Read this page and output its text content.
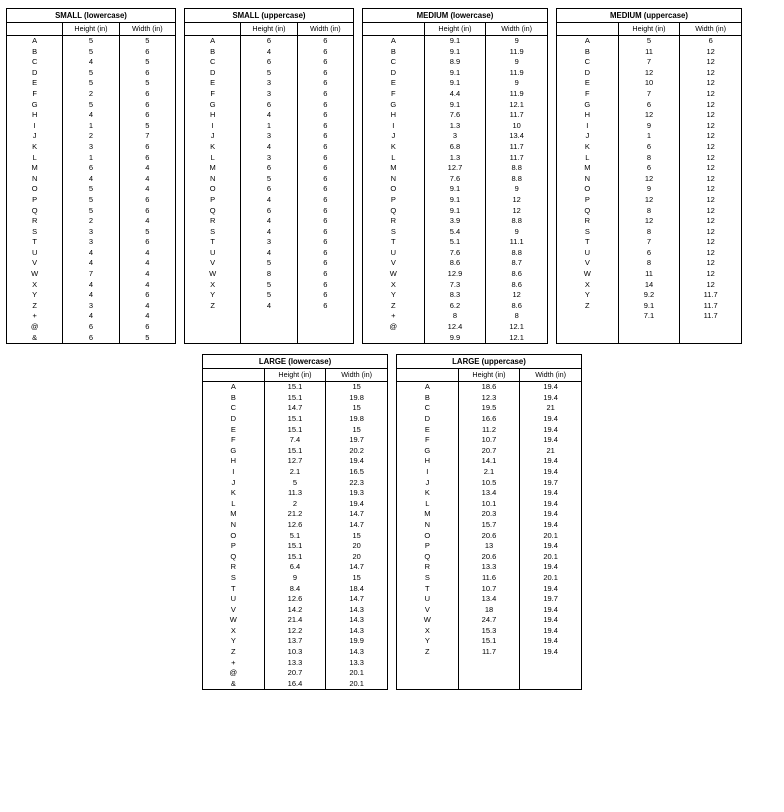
SMALL (lowercase)		
	Height (in)	Width (in)
A	5	5
B	5	6
C	4	5
D	5	6
E	5	5
F	2	6
G	5	6
H	4	6
I	1	5
J	2	7
K	3	6
L	1	6
M	6	4
N	4	4
O	5	4
P	5	6
Q	5	6
R	2	4
S	3	5
T	3	6
U	4	4
V	4	4
W	7	4
X	4	4
Y	4	6
Z	3	4
+	4	4
@	6	6
&	6	5
SMALL (uppercase)		
	Height (in)	Width (in)
A	6	6
B	4	6
C	6	6
D	5	6
E	3	6
F	3	6
G	6	6
H	4	6
I	1	6
J	3	6
K	4	6
L	3	6
M	6	6
N	5	6
O	6	6
P	4	6
Q	6	6
R	4	6
S	4	6
T	3	6
U	4	6
V	5	6
W	8	6
X	5	6
Y	5	6
Z	4	6

MEDIUM (lowercase)		
	Height (in)	Width (in)
A	9.1	9
B	9.1	11.9
C	8.9	9
D	9.1	11.9
E	9.1	9
F	4.4	11.9
G	9.1	12.1
H	7.6	11.7
I	1.3	10
J	3	13.4
K	6.8	11.7
L	1.3	11.7
M	12.7	8.8
N	7.6	8.8
O	9.1	9
P	9.1	12
Q	9.1	12
R	3.9	8.8
S	5.4	9
T	5.1	11.1
U	7.6	8.8
V	8.6	8.7
W	12.9	8.6
X	7.3	8.6
Y	8.3	12
Z	6.2	8.6
+	8	8
@	12.4	12.1
	9.9	12.1
MEDIUM (uppercase)		
	Height (in)	Width (in)
A	5	6
B	11	12
C	7	12
D	12	12
E	10	12
F	7	12
G	6	12
H	12	12
I	9	12
J	1	12
K	6	12
L	8	12
M	6	12
N	12	12
O	9	12
P	12	12
Q	8	12
R	12	12
S	8	12
T	7	12
U	6	12
V	8	12
W	11	12
X	14	12
Y	9.2	11.7
Z	9.1	11.7
	7.1	11.7

LARGE (lowercase)		
	Height (in)	Width (in)
A	15.1	15
B	15.1	19.8
C	14.7	15
D	15.1	19.8
E	15.1	15
F	7.4	19.7
G	15.1	20.2
H	12.7	19.4
I	2.1	16.5
J	5	22.3
K	11.3	19.3
L	2	19.4
M	21.2	14.7
N	12.6	14.7
O	5.1	15
P	15.1	20
Q	15.1	20
R	6.4	14.7
S	9	15
T	8.4	18.4
U	12.6	14.7
V	14.2	14.3
W	21.4	14.3
X	12.2	14.3
Y	13.7	19.9
Z	10.3	14.3
+	13.3	13.3
@	20.7	20.1
&	16.4	20.1
LARGE (uppercase)		
	Height (in)	Width (in)
A	18.6	19.4
B	12.3	19.4
C	19.5	21
D	16.6	19.4
E	11.2	19.4
F	10.7	19.4
G	20.7	21
H	14.1	19.4
I	2.1	19.4
J	10.5	19.7
K	13.4	19.4
L	10.1	19.4
M	20.3	19.4
N	15.7	19.4
O	20.6	20.1
P	13	19.4
Q	20.6	20.1
R	13.3	19.4
S	11.6	20.1
T	10.7	19.4
U	13.4	19.7
V	18	19.4
W	24.7	19.4
X	15.3	19.4
Y	15.1	19.4
Z	11.7	19.4
